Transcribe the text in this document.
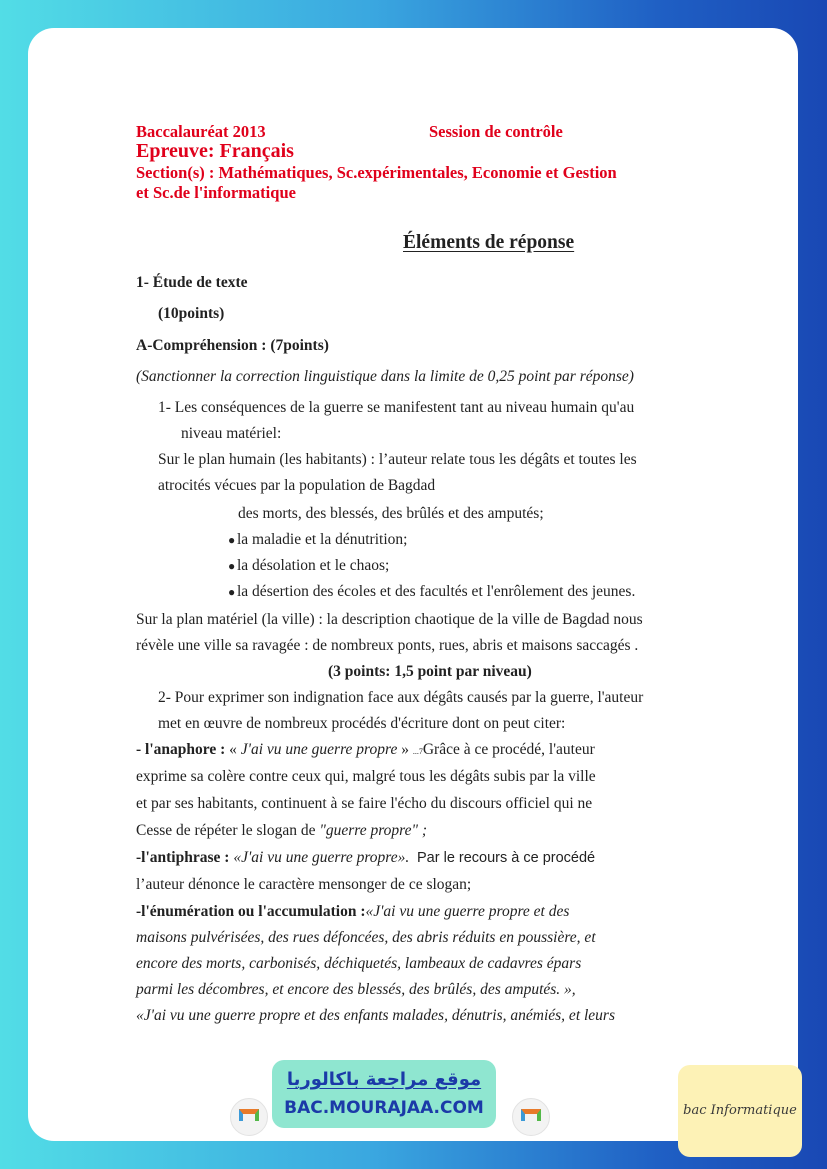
Baccalauréat 2013	Session de contrôle
Epreuve: Français
Section(s) : Mathématiques, Sc.expérimentales, Economie et Gestion
et Sc.de l'informatique
Éléments de réponse
1- Étude de texte
(10points)
A-Compréhension : (7points)
(Sanctionner la correction linguistique dans la limite de 0,25 point par réponse)
1- Les conséquences de la guerre se manifestent tant au niveau humain qu'au
niveau matériel:
Sur le plan humain (les habitants) : l’auteur relate tous les dégâts et toutes les
atrocités vécues par la population de Bagdad
des morts, des blessés, des brûlés et des amputés;
● la maladie et la dénutrition;
● la désolation et le chaos;
● la désertion des écoles et des facultés et l'enrôlement des jeunes.
Sur la plan matériel (la ville) : la description chaotique de la ville de Bagdad nous
révèle une ville sa ravagée : de nombreux ponts, rues, abris et maisons saccagés .
(3 points: 1,5 point par niveau)
2- Pour exprimer son indignation face aux dégâts causés par la guerre, l'auteur
met en œuvre de nombreux procédés d'écriture dont on peut citer:
- l'anaphore : « J'ai vu une guerre propre » ...7Grâce à ce procédé, l'auteur
exprime sa colère contre ceux qui, malgré tous les dégâts subis par la ville
et par ses habitants, continuent à se faire l'écho du discours officiel qui ne
Cesse de répéter le slogan de "guerre propre" ;
-l'antiphrase : «J'ai vu une guerre propre». Par le recours à ce procédé
l’auteur dénonce le caractère mensonger de ce slogan;
-l'énumération ou l'accumulation :«J'ai vu une guerre propre et des
maisons pulvérisées, des rues défoncées, des abris réduits en poussière, et
encore des morts, carbonisés, déchiquetés, lambeaux de cadavres épars
parmi les décombres, et encore des blessés, des brûlés, des amputés. »,
«J'ai vu une guerre propre et des enfants malades, dénutris, anémiés, et leurs
موقع مراجعة باكالوريا
BAC.MOURAJAA.COM	bac Informatique
